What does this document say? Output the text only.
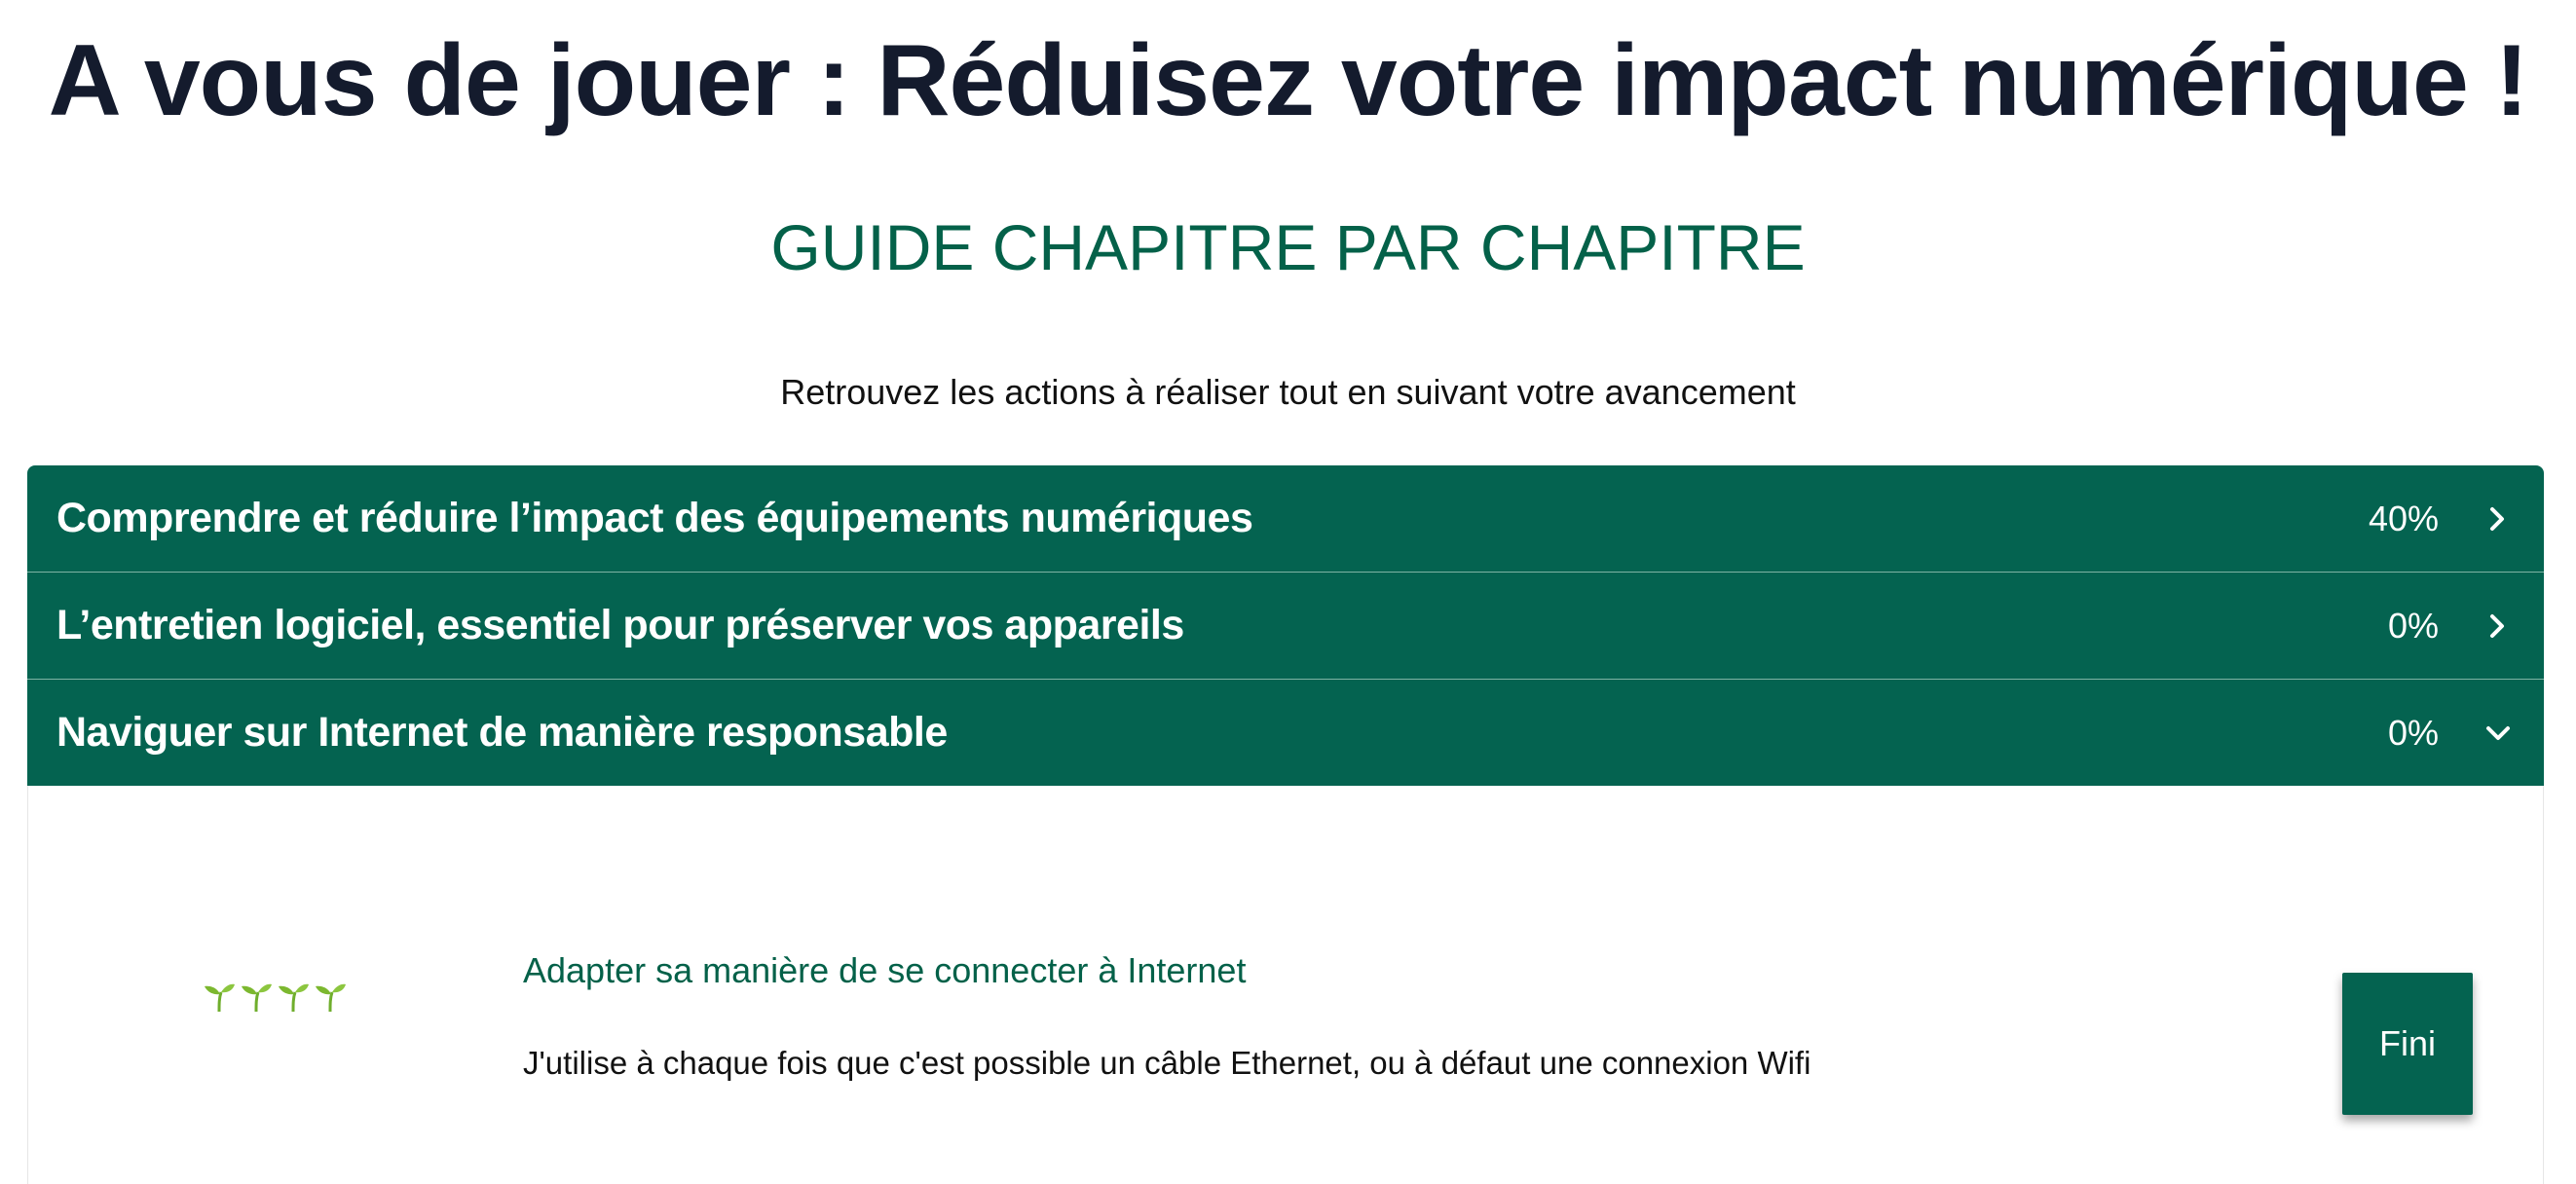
A vous de jouer : Réduisez votre impact numérique !
GUIDE CHAPITRE PAR CHAPITRE

Retrouvez les actions à réaliser tout en suivant votre avancement

Comprendre et réduire l’impact des équipements numériques	40%
L’entretien logiciel, essentiel pour préserver vos appareils	0%
Naviguer sur Internet de manière responsable	0%
Adapter sa manière de se connecter à Internet
J'utilise à chaque fois que c'est possible un câble Ethernet, ou à défaut une connexion Wifi	Fini
